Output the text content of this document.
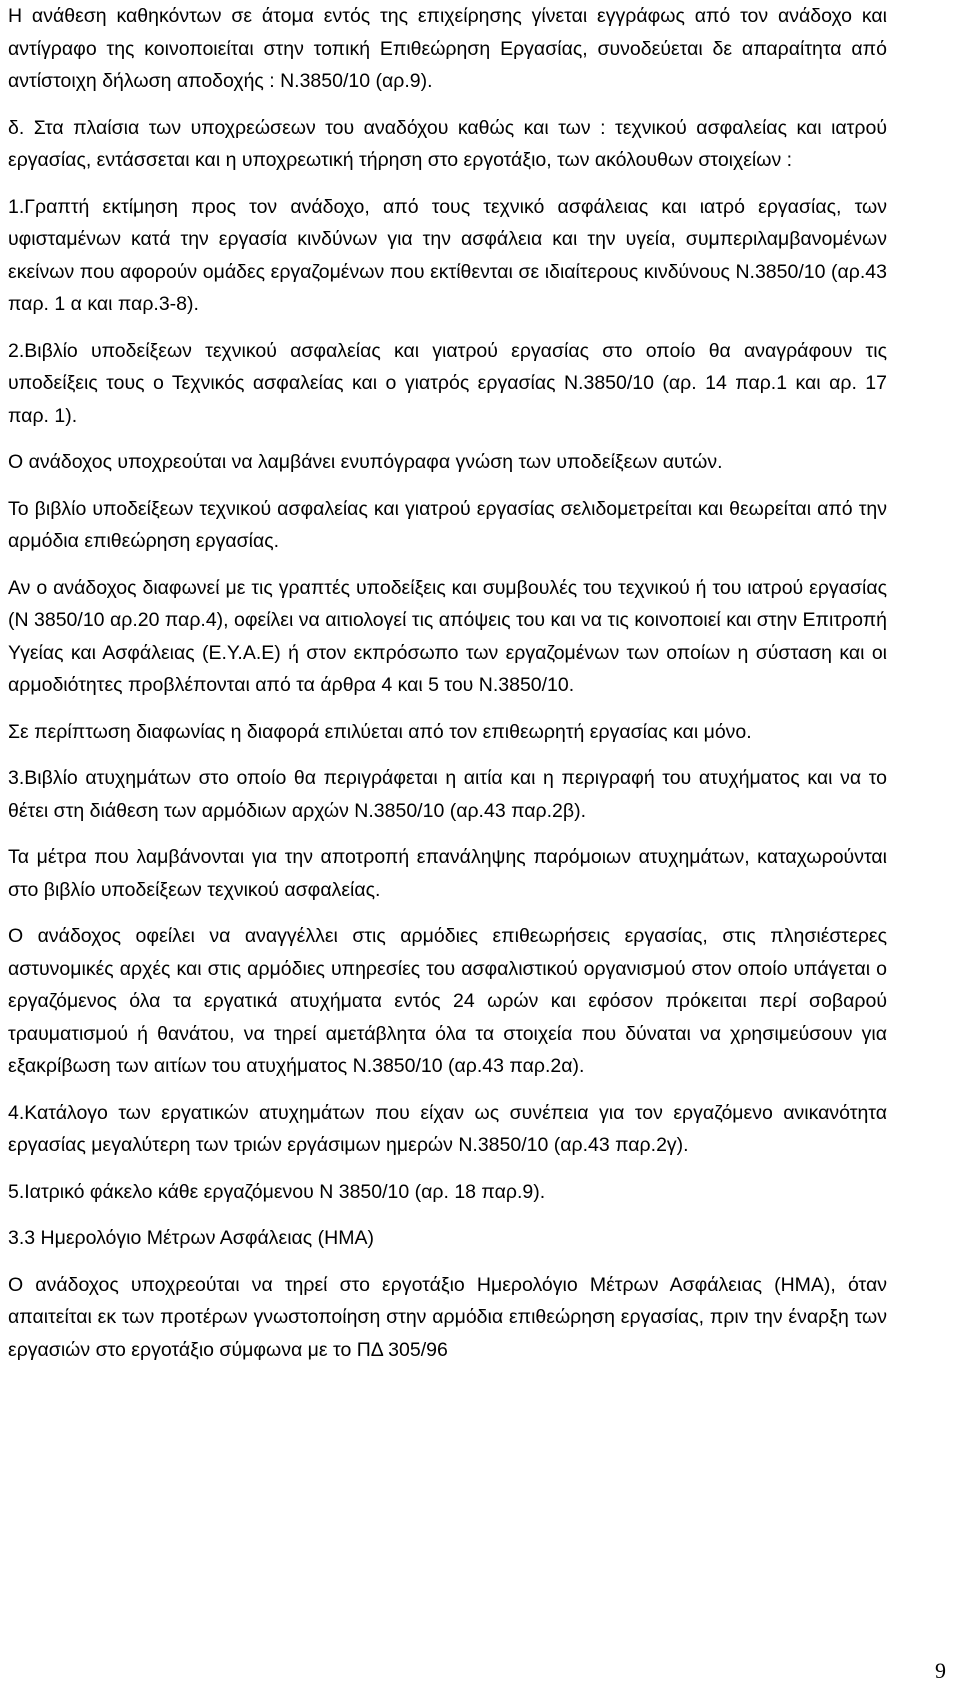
Η ανάθεση καθηκόντων σε άτομα εντός της επιχείρησης γίνεται εγγράφως από τον ανάδοχο και αντίγραφο της κοινοποιείται στην τοπική Επιθεώρηση Εργασίας, συνοδεύεται δε απαραίτητα από αντίστοιχη δήλωση αποδοχής : Ν.3850/10 (αρ.9).

δ. Στα πλαίσια των υποχρεώσεων του αναδόχου καθώς και των : τεχνικού ασφαλείας και ιατρού εργασίας, εντάσσεται και η υποχρεωτική τήρηση στο εργοτάξιο, των ακόλουθων στοιχείων :

1.Γραπτή εκτίμηση προς τον ανάδοχο, από τους τεχνικό ασφάλειας και ιατρό εργασίας, των υφισταμένων κατά την εργασία κινδύνων για την ασφάλεια και την υγεία, συμπεριλαμβανομένων εκείνων που αφορούν ομάδες εργαζομένων που εκτίθενται σε ιδιαίτερους κινδύνους Ν.3850/10 (αρ.43 παρ. 1 α και παρ.3-8).

2.Βιβλίο υποδείξεων τεχνικού ασφαλείας και γιατρού εργασίας στο οποίο θα αναγράφουν τις υποδείξεις τους ο Τεχνικός ασφαλείας και ο γιατρός εργασίας Ν.3850/10 (αρ. 14 παρ.1 και αρ. 17 παρ. 1).

Ο ανάδοχος υποχρεούται να λαμβάνει ενυπόγραφα γνώση των υποδείξεων αυτών.

Το βιβλίο υποδείξεων τεχνικού ασφαλείας και γιατρού εργασίας σελιδομετρείται και θεωρείται από την αρμόδια επιθεώρηση εργασίας.

Αν ο ανάδοχος διαφωνεί με τις γραπτές υποδείξεις και συμβουλές του τεχνικού ή του ιατρού εργασίας (Ν 3850/10 αρ.20 παρ.4), οφείλει να αιτιολογεί τις απόψεις του και να τις κοινοποιεί και στην Επιτροπή Υγείας και Ασφάλειας (Ε.Υ.Α.Ε) ή στον εκπρόσωπο των εργαζομένων των οποίων η σύσταση και οι αρμοδιότητες προβλέπονται από τα άρθρα 4 και 5 του Ν.3850/10.

Σε περίπτωση διαφωνίας η διαφορά επιλύεται από τον επιθεωρητή εργασίας και μόνο.

3.Βιβλίο ατυχημάτων στο οποίο θα περιγράφεται η αιτία και η περιγραφή του ατυχήματος και να το θέτει στη διάθεση των αρμόδιων αρχών Ν.3850/10 (αρ.43 παρ.2β).

Τα μέτρα που λαμβάνονται για την αποτροπή επανάληψης παρόμοιων ατυχημάτων, καταχωρούνται στο βιβλίο υποδείξεων τεχνικού ασφαλείας.

Ο ανάδοχος οφείλει να αναγγέλλει στις αρμόδιες επιθεωρήσεις εργασίας, στις πλησιέστερες αστυνομικές αρχές και στις αρμόδιες υπηρεσίες του ασφαλιστικού οργανισμού στον οποίο υπάγεται ο εργαζόμενος όλα τα εργατικά ατυχήματα εντός 24 ωρών και εφόσον πρόκειται περί σοβαρού τραυματισμού ή θανάτου, να τηρεί αμετάβλητα όλα τα στοιχεία που δύναται να χρησιμεύσουν για εξακρίβωση των αιτίων του ατυχήματος Ν.3850/10 (αρ.43 παρ.2α).

4.Κατάλογο των εργατικών ατυχημάτων που είχαν ως συνέπεια για τον εργαζόμενο ανικανότητα εργασίας μεγαλύτερη των τριών εργάσιμων ημερών Ν.3850/10 (αρ.43 παρ.2γ).

5.Ιατρικό φάκελο κάθε εργαζόμενου Ν 3850/10 (αρ. 18 παρ.9).

3.3 Ημερολόγιο Μέτρων Ασφάλειας (ΗΜΑ)

Ο ανάδοχος υποχρεούται να τηρεί στο εργοτάξιο Ημερολόγιο Μέτρων Ασφάλειας (ΗΜΑ), όταν απαιτείται εκ των προτέρων γνωστοποίηση στην αρμόδια επιθεώρηση εργασίας, πριν την έναρξη των εργασιών στο εργοτάξιο σύμφωνα με το ΠΔ 305/96

9
